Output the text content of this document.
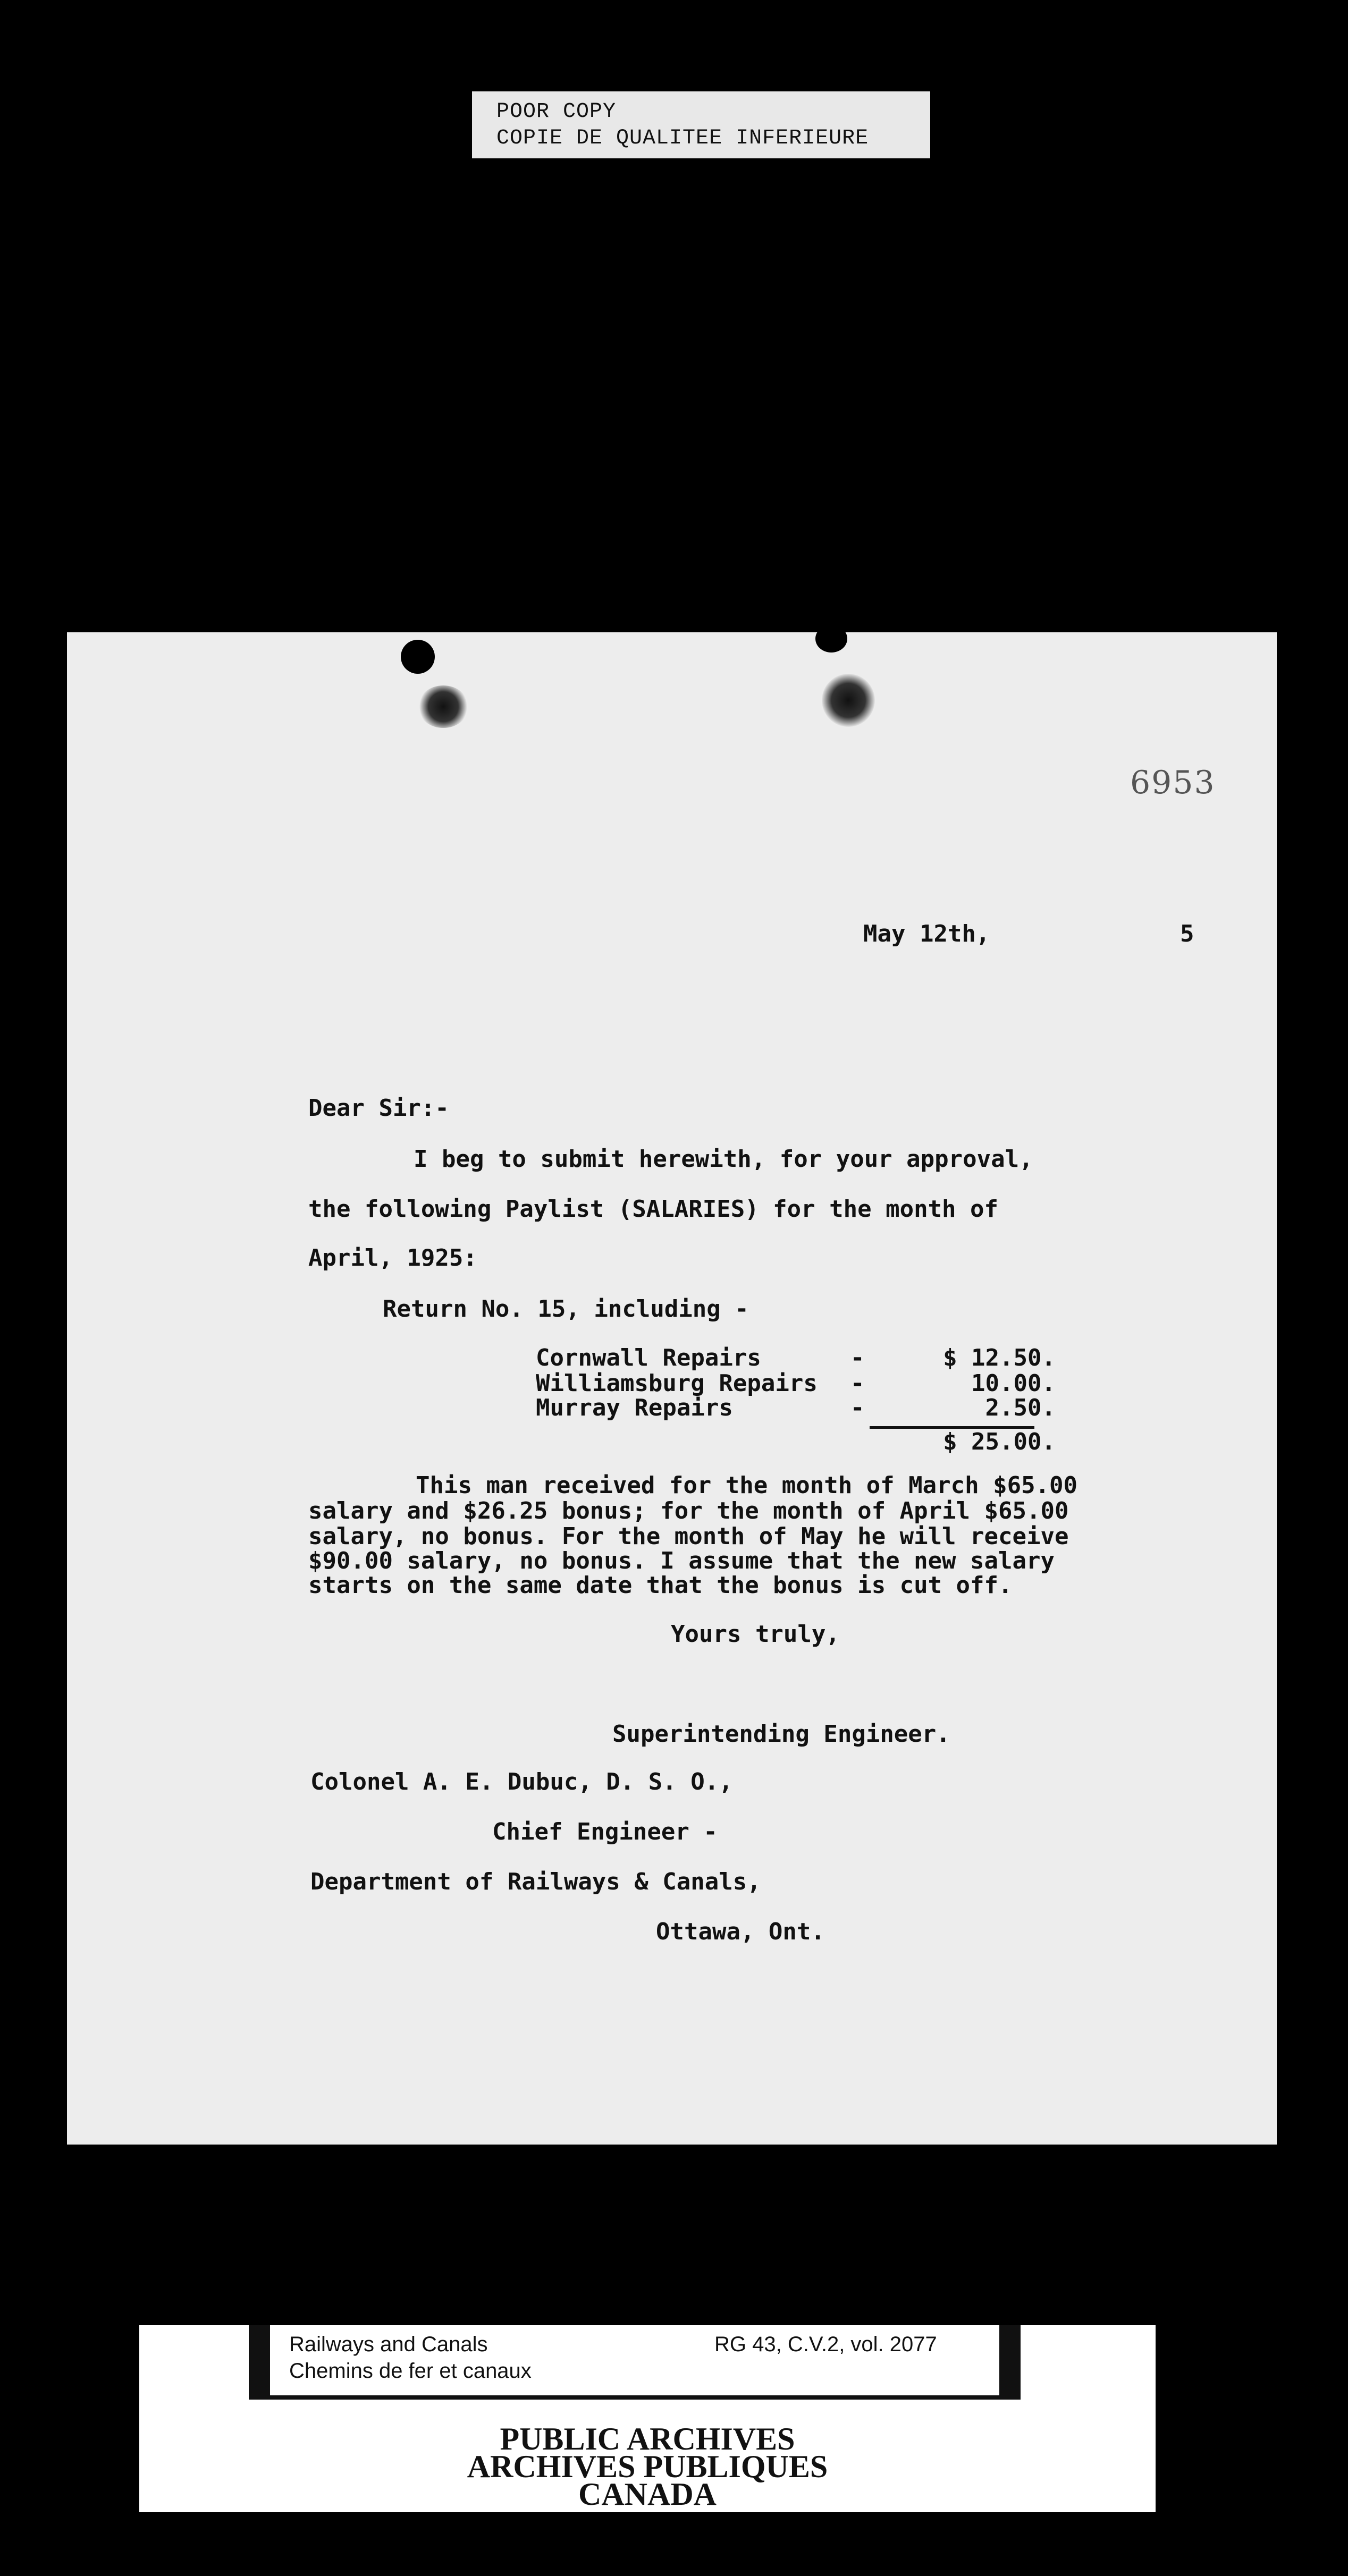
POOR COPY
COPIE DE QUALITEE INFERIEURE
6953
May 12th,	5
Dear Sir:-
I beg to submit herewith, for your approval,
the following Paylist (SALARIES) for the month of
April, 1925:
Return No. 15, including -
Cornwall Repairs	-	$ 12.50.
Williamsburg Repairs -	10.00.
Murray Repairs	-	2.50.
$ 25.00.
This man received for the month of March $65.00
salary and $26.25 bonus; for the month of April $65.00
salary, no bonus. For the month of May he will receive
$90.00 salary, no bonus. I assume that the new salary
starts on the same date that the bonus is cut off.
Yours truly,
Superintending Engineer.
Colonel A. E. Dubuc, D. S. O.,
Chief Engineer -
Department of Railways & Canals,
Ottawa, Ont.
Railways and Canals
Chemins de fer et canaux
RG 43, C.V.2, vol. 2077
PUBLIC ARCHIVES
ARCHIVES PUBLIQUES
CANADA
